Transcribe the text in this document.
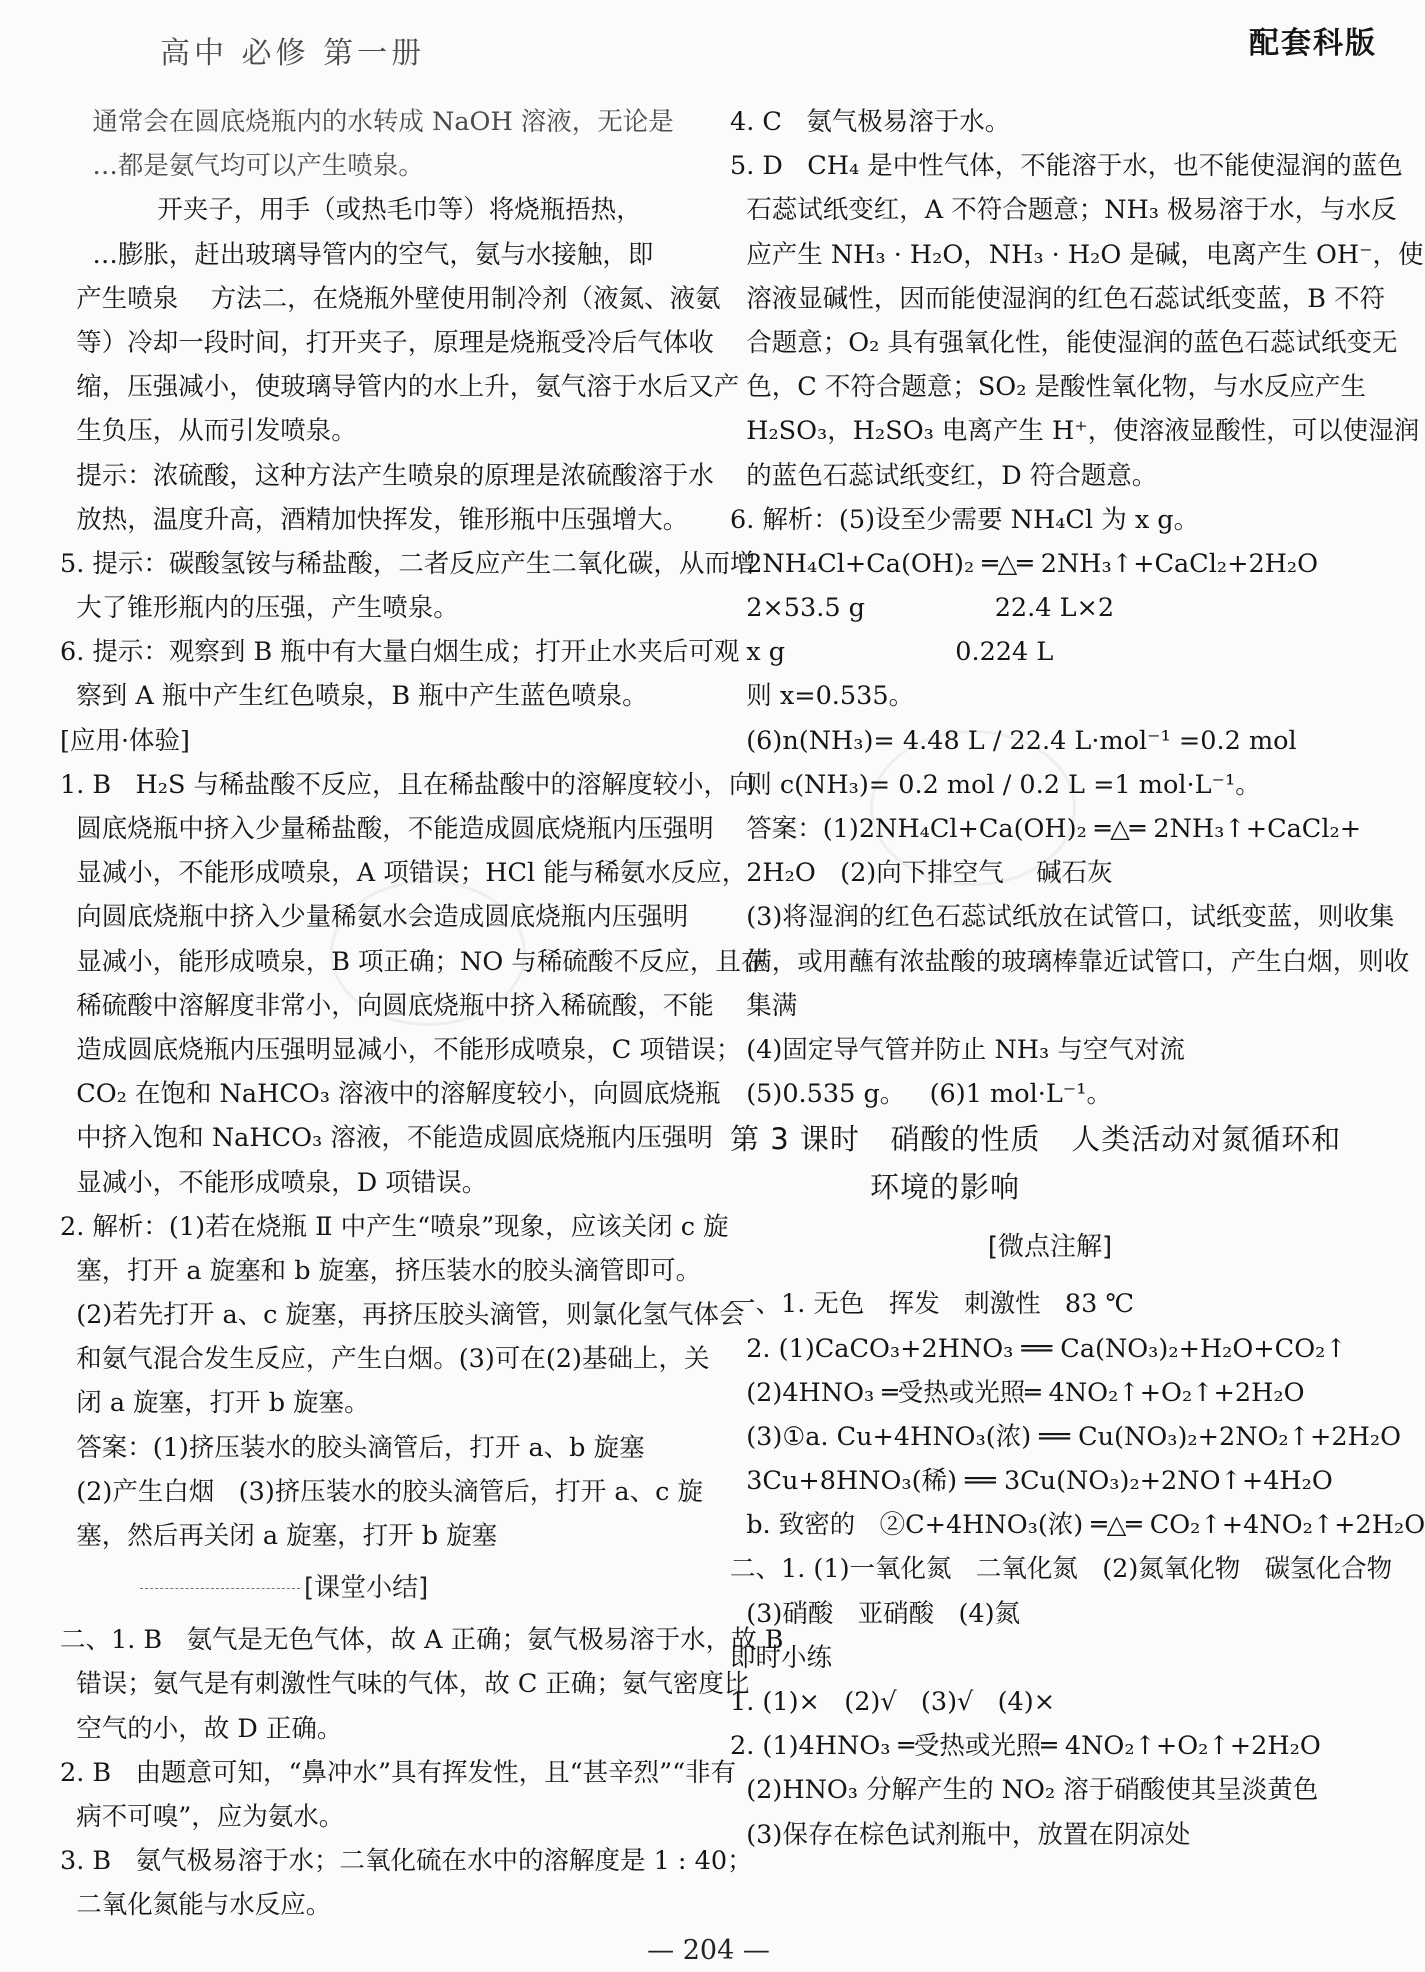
高中 必修 第一册	配套科版
通常会在圆底烧瓶内的水转成 NaOH 溶液，无论是
…都是氨气均可以产生喷泉。
开夹子，用手（或热毛巾等）将烧瓶捂热，
…膨胀，赶出玻璃导管内的空气，氨与水接触，即
产生喷泉    方法二，在烧瓶外壁使用制冷剂（液氮、液氨
等）冷却一段时间，打开夹子，原理是烧瓶受冷后气体收
缩，压强减小，使玻璃导管内的水上升，氨气溶于水后又产
生负压，从而引发喷泉。
提示：浓硫酸，这种方法产生喷泉的原理是浓硫酸溶于水
放热，温度升高，酒精加快挥发，锥形瓶中压强增大。
5. 提示：碳酸氢铵与稀盐酸，二者反应产生二氧化碳，从而增
大了锥形瓶内的压强，产生喷泉。
6. 提示：观察到 B 瓶中有大量白烟生成；打开止水夹后可观
察到 A 瓶中产生红色喷泉，B 瓶中产生蓝色喷泉。
[应用·体验]
1. B   H₂S 与稀盐酸不反应，且在稀盐酸中的溶解度较小，向
圆底烧瓶中挤入少量稀盐酸，不能造成圆底烧瓶内压强明
显减小，不能形成喷泉，A 项错误；HCl 能与稀氨水反应，
向圆底烧瓶中挤入少量稀氨水会造成圆底烧瓶内压强明
显减小，能形成喷泉，B 项正确；NO 与稀硫酸不反应，且在
稀硫酸中溶解度非常小，向圆底烧瓶中挤入稀硫酸，不能
造成圆底烧瓶内压强明显减小，不能形成喷泉，C 项错误；
CO₂ 在饱和 NaHCO₃ 溶液中的溶解度较小，向圆底烧瓶
中挤入饱和 NaHCO₃ 溶液，不能造成圆底烧瓶内压强明
显减小，不能形成喷泉，D 项错误。
2. 解析：(1)若在烧瓶 Ⅱ 中产生“喷泉”现象，应该关闭 c 旋
塞，打开 a 旋塞和 b 旋塞，挤压装水的胶头滴管即可。
(2)若先打开 a、c 旋塞，再挤压胶头滴管，则氯化氢气体会
和氨气混合发生反应，产生白烟。(3)可在(2)基础上，关
闭 a 旋塞，打开 b 旋塞。
答案：(1)挤压装水的胶头滴管后，打开 a、b 旋塞
(2)产生白烟   (3)挤压装水的胶头滴管后，打开 a、c 旋
塞，然后再关闭 a 旋塞，打开 b 旋塞
[课堂小结]
二、1. B   氨气是无色气体，故 A 正确；氨气极易溶于水，故 B
错误；氨气是有刺激性气味的气体，故 C 正确；氨气密度比
空气的小，故 D 正确。
2. B   由题意可知，“鼻冲水”具有挥发性，且“甚辛烈”“非有
病不可嗅”，应为氨水。
3. B   氨气极易溶于水；二氧化硫在水中的溶解度是 1 : 40；
二氧化氮能与水反应。
4. C   氨气极易溶于水。
5. D   CH₄ 是中性气体，不能溶于水，也不能使湿润的蓝色
石蕊试纸变红，A 不符合题意；NH₃ 极易溶于水，与水反
应产生 NH₃ · H₂O，NH₃ · H₂O 是碱，电离产生 OH⁻，使
溶液显碱性，因而能使湿润的红色石蕊试纸变蓝，B 不符
合题意；O₂ 具有强氧化性，能使湿润的蓝色石蕊试纸变无
色，C 不符合题意；SO₂ 是酸性氧化物，与水反应产生
H₂SO₃，H₂SO₃ 电离产生 H⁺，使溶液显酸性，可以使湿润
的蓝色石蕊试纸变红，D 符合题意。
6. 解析：(5)设至少需要 NH₄Cl 为 x g。
2NH₄Cl+Ca(OH)₂ ═△═ 2NH₃↑+CaCl₂+2H₂O
2×53.5 g                22.4 L×2
x g                     0.224 L
则 x=0.535。
(6)n(NH₃)= 4.48 L / 22.4 L·mol⁻¹ =0.2 mol
则 c(NH₃)= 0.2 mol / 0.2 L =1 mol·L⁻¹。
答案：(1)2NH₄Cl+Ca(OH)₂ ═△═ 2NH₃↑+CaCl₂+
2H₂O   (2)向下排空气    碱石灰
(3)将湿润的红色石蕊试纸放在试管口，试纸变蓝，则收集
满，或用蘸有浓盐酸的玻璃棒靠近试管口，产生白烟，则收
集满
(4)固定导气管并防止 NH₃ 与空气对流
(5)0.535 g。   (6)1 mol·L⁻¹。
第 3 课时   硝酸的性质   人类活动对氮循环和
环境的影响
[微点注解]
一、1. 无色   挥发   刺激性   83 ℃
2. (1)CaCO₃+2HNO₃ ══ Ca(NO₃)₂+H₂O+CO₂↑
(2)4HNO₃ ═受热或光照═ 4NO₂↑+O₂↑+2H₂O
(3)①a. Cu+4HNO₃(浓) ══ Cu(NO₃)₂+2NO₂↑+2H₂O
3Cu+8HNO₃(稀) ══ 3Cu(NO₃)₂+2NO↑+4H₂O
b. 致密的   ②C+4HNO₃(浓) ═△═ CO₂↑+4NO₂↑+2H₂O
二、1. (1)一氧化氮   二氧化氮   (2)氮氧化物   碳氢化合物
(3)硝酸   亚硝酸   (4)氮
即时小练
1. (1)×   (2)√   (3)√   (4)×
2. (1)4HNO₃ ═受热或光照═ 4NO₂↑+O₂↑+2H₂O
(2)HNO₃ 分解产生的 NO₂ 溶于硝酸使其呈淡黄色
(3)保存在棕色试剂瓶中，放置在阴凉处
— 204 —
